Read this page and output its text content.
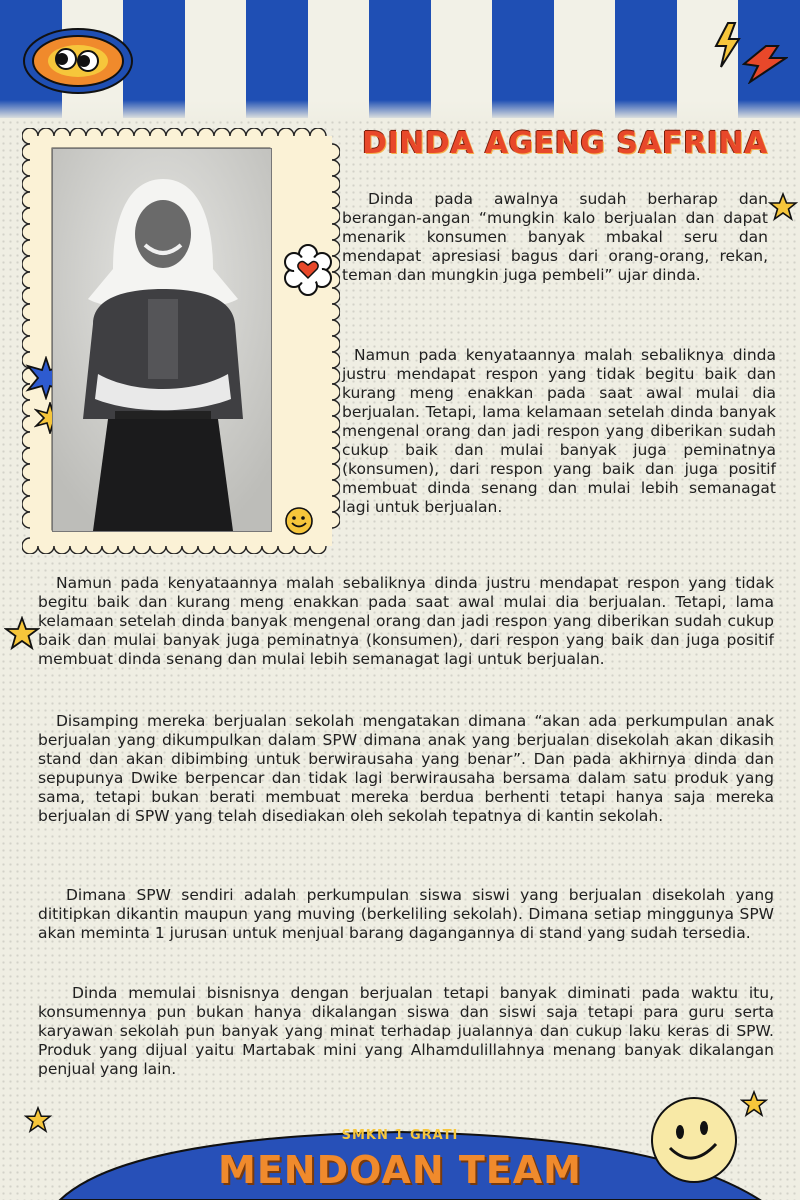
DINDA AGENG SAFRINA

Dinda pada awalnya sudah berharap dan berangan-angan “mungkin kalo berjualan dan dapat menarik konsumen banyak mbakal seru dan mendapat apresiasi bagus dari orang-orang, rekan, teman dan mungkin juga pembeli” ujar dinda.

Namun pada kenyataannya malah sebaliknya dinda justru mendapat respon yang tidak begitu baik dan kurang meng enakkan pada saat awal mulai dia berjualan. Tetapi, lama kelamaan setelah dinda banyak mengenal orang dan jadi respon yang diberikan sudah cukup baik dan mulai banyak juga peminatnya (konsumen), dari respon yang baik dan juga positif membuat dinda senang dan mulai lebih semanagat lagi untuk berjualan.

Namun pada kenyataannya malah sebaliknya dinda justru mendapat respon yang tidak begitu baik dan kurang meng enakkan pada saat awal mulai dia berjualan. Tetapi, lama kelamaan setelah dinda banyak mengenal orang dan jadi respon yang diberikan sudah cukup baik dan mulai banyak juga peminatnya (konsumen), dari respon yang baik dan juga positif membuat dinda senang dan mulai lebih semanagat lagi untuk berjualan.

Disamping mereka berjualan sekolah mengatakan dimana “akan ada perkumpulan anak berjualan yang dikumpulkan dalam SPW dimana anak yang berjualan disekolah akan dikasih stand dan akan dibimbing untuk berwirausaha yang benar”. Dan pada akhirnya dinda dan sepupunya Dwike berpencar dan tidak lagi berwirausaha bersama dalam satu produk yang sama, tetapi bukan berati membuat mereka berdua berhenti tetapi hanya saja mereka berjualan di SPW yang telah disediakan oleh sekolah tepatnya di kantin sekolah.

Dimana SPW sendiri adalah perkumpulan siswa siswi yang berjualan disekolah yang dititipkan dikantin maupun yang muving (berkeliling sekolah). Dimana setiap minggunya SPW akan meminta 1 jurusan untuk menjual barang dagangannya di stand yang sudah tersedia.

Dinda memulai bisnisnya dengan berjualan tetapi banyak diminati pada waktu itu, konsumennya pun bukan hanya dikalangan siswa dan siswi saja tetapi para guru serta karyawan sekolah pun banyak yang minat terhadap jualannya dan cukup laku keras di SPW. Produk yang dijual yaitu Martabak mini yang Alhamdulillahnya menang banyak dikalangan penjual yang lain.

SMKN 1 GRATI

MENDOAN TEAM
